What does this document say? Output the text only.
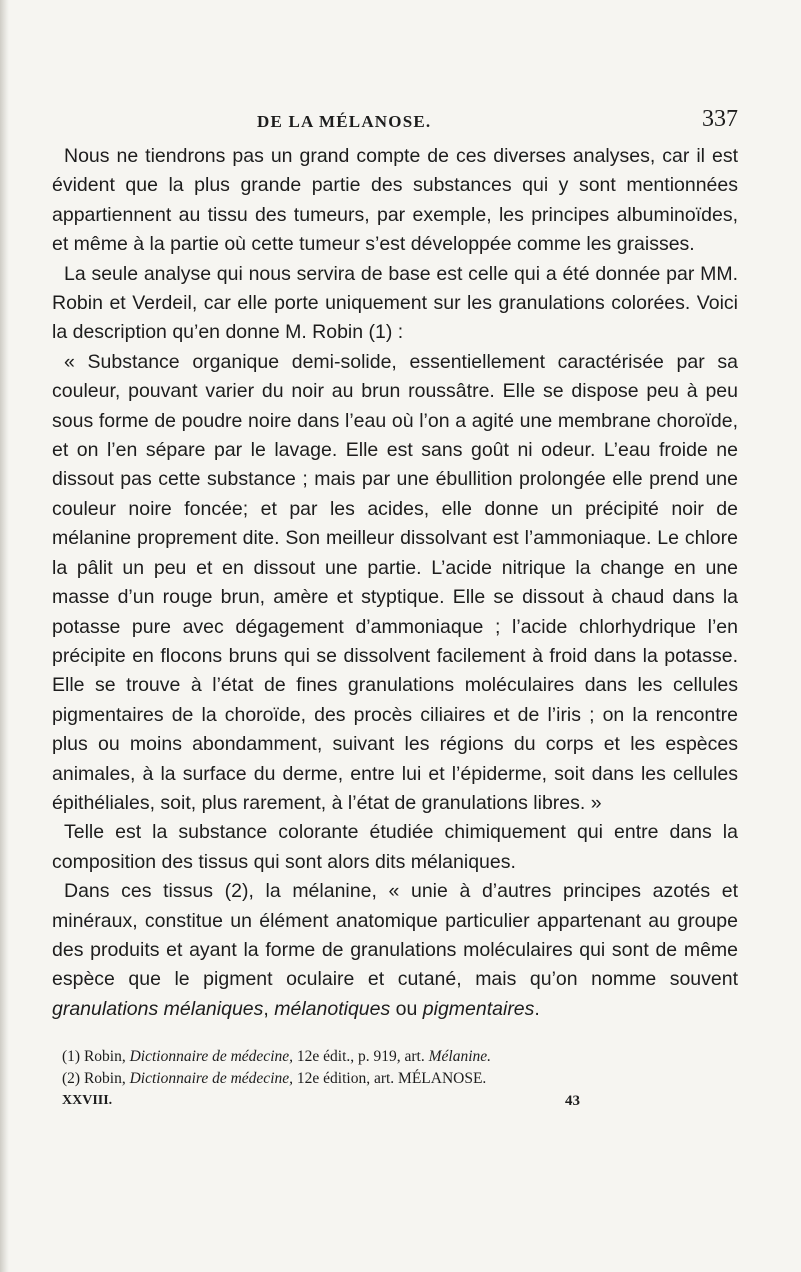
DE LA MÉLANOSE.	337

Nous ne tiendrons pas un grand compte de ces diverses analyses, car il est évident que la plus grande partie des substances qui y sont mentionnées appartiennent au tissu des tumeurs, par exemple, les principes albuminoïdes, et même à la partie où cette tumeur s’est développée comme les graisses.

La seule analyse qui nous servira de base est celle qui a été donnée par MM. Robin et Verdeil, car elle porte uniquement sur les granulations colorées. Voici la description qu’en donne M. Robin (1) :

« Substance organique demi-solide, essentiellement caractérisée par sa couleur, pouvant varier du noir au brun roussâtre. Elle se dispose peu à peu sous forme de poudre noire dans l’eau où l’on a agité une membrane choroïde, et on l’en sépare par le lavage. Elle est sans goût ni odeur. L’eau froide ne dissout pas cette substance ; mais par une ébullition prolongée elle prend une couleur noire foncée; et par les acides, elle donne un précipité noir de mélanine proprement dite. Son meilleur dissolvant est l’ammoniaque. Le chlore la pâlit un peu et en dissout une partie. L’acide nitrique la change en une masse d’un rouge brun, amère et styptique. Elle se dissout à chaud dans la potasse pure avec dégagement d’ammoniaque ; l’acide chlorhydrique l’en précipite en flocons bruns qui se dissolvent facilement à froid dans la potasse. Elle se trouve à l’état de fines granulations moléculaires dans les cellules pigmentaires de la choroïde, des procès ciliaires et de l’iris ; on la rencontre plus ou moins abondamment, suivant les régions du corps et les espèces animales, à la surface du derme, entre lui et l’épiderme, soit dans les cellules épithéliales, soit, plus rarement, à l’état de granulations libres. »

Telle est la substance colorante étudiée chimiquement qui entre dans la composition des tissus qui sont alors dits mélaniques.

Dans ces tissus (2), la mélanine, « unie à d’autres principes azotés et minéraux, constitue un élément anatomique particulier appartenant au groupe des produits et ayant la forme de granulations moléculaires qui sont de même espèce que le pigment oculaire et cutané, mais qu’on nomme souvent granulations mélaniques, mélanotiques ou pigmentaires.

(1) Robin, Dictionnaire de médecine, 12e édit., p. 919, art. Mélanine.

(2) Robin, Dictionnaire de médecine, 12e édition, art. MÉLANOSE.

XXVIII.	43
